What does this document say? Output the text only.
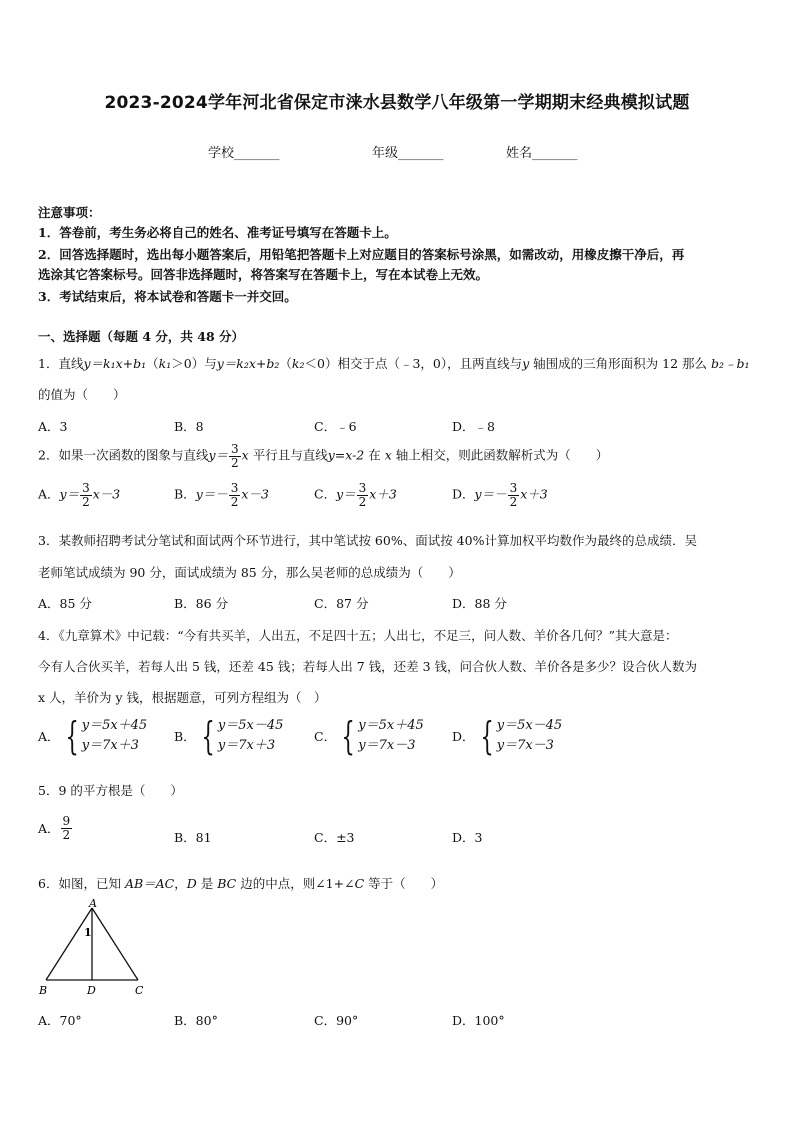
2023-2024学年河北省保定市涞水县数学八年级第一学期期末经典模拟试题
学校_______	年级_______	姓名_______
注意事项：
1．答卷前，考生务必将自己的姓名、准考证号填写在答题卡上。
2．回答选择题时，选出每小题答案后，用铅笔把答题卡上对应题目的答案标号涂黑，如需改动，用橡皮擦干净后，再
选涂其它答案标号。回答非选择题时，将答案写在答题卡上，写在本试卷上无效。
3．考试结束后，将本试卷和答题卡一并交回。
一、选择题（每题 4 分，共 48 分）
1．直线y＝k₁x+b₁（k₁＞0）与y＝k₂x+b₂（k₂＜0）相交于点（﹣3，0），且两直线与y 轴围成的三角形面积为 12 那么 b₂﹣b₁
的值为（　　）
A．3	B．8	C．﹣6	D．﹣8
2．如果一次函数的图象与直线$y= \frac{3}{2}$ x 平行且与直线y=x-2 在 x 轴上相交，则此函数解析式为（　　）
A．$y= \frac{3}{2} x-3$	B．$y=- \frac{3}{2} x-3$	C．$y= \frac{3}{2} x+3$	D．$y=- \frac{3}{2} x+3$
3．某教师招聘考试分笔试和面试两个环节进行，其中笔试按 60%、面试按 40%计算加权平均数作为最终的总成绩．吴
老师笔试成绩为 90 分，面试成绩为 85 分，那么吴老师的总成绩为（　　）
A．85 分	B．86 分	C．87 分	D．88 分
4．《九章算术》中记载：“今有共买羊，人出五，不足四十五；人出七，不足三，问人数、羊价各几何？”其大意是：
今有人合伙买羊，若每人出 5 钱，还差 45 钱；若每人出 7 钱，还差 3 钱，问合伙人数、羊价各是多少？设合伙人数为
x 人，羊价为 y 钱，根据题意，可列方程组为（　）
A． { y＝5x＋45
y＝7x＋3
B． { y＝5x－45
y＝7x＋3
C． { y＝5x＋45
y＝7x－3
D． { y＝5x－45
y＝7x－3
5．9 的平方根是（　　）
A． $\frac{9}{2}$	B．81	C．±3	D．3
6．如图，已知 AB＝AC，D 是 BC 边的中点，则∠1+∠C 等于（　　）
A
1
B	D	C
A．70°	B．80°	C．90°	D．100°
